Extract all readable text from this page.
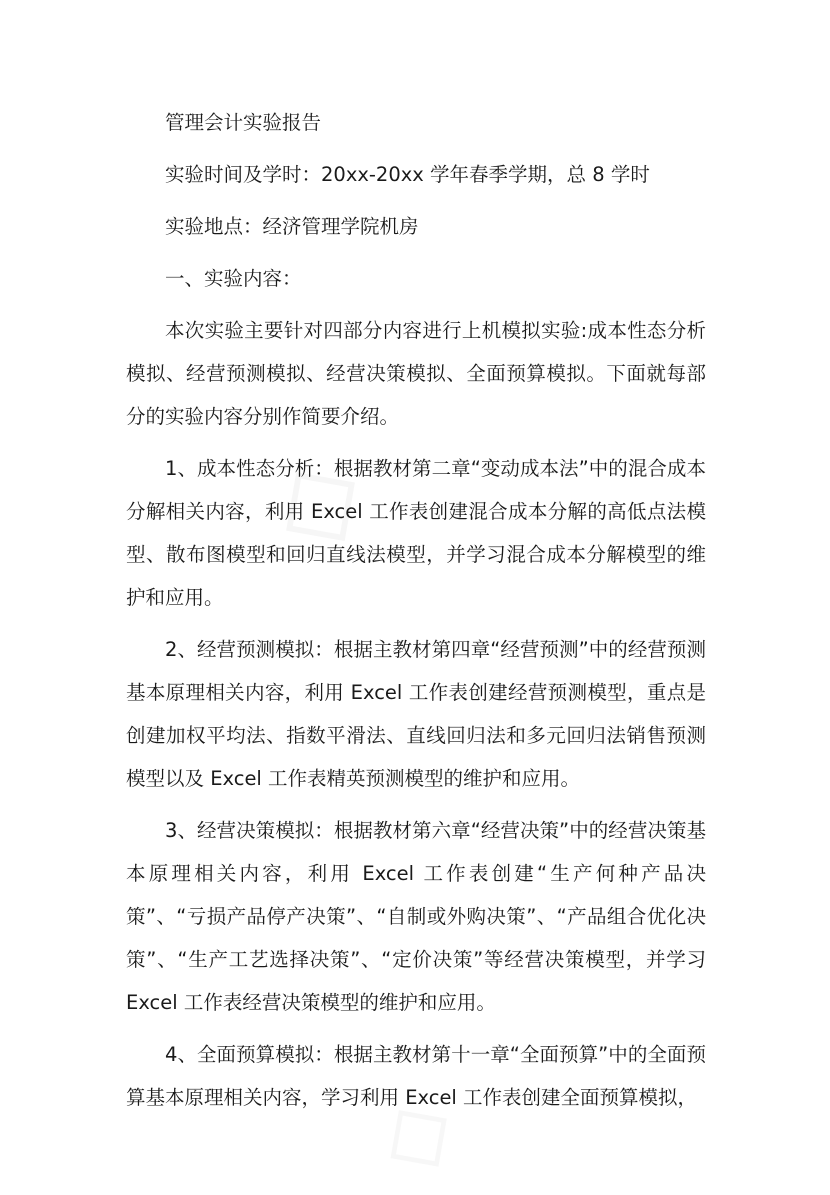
◇
◇

管理会计实验报告

实验时间及学时：20xx-20xx 学年春季学期，总 8 学时

实验地点：经济管理学院机房

一、实验内容：

本次实验主要针对四部分内容进行上机模拟实验:成本性态分析模拟、经营预测模拟、经营决策模拟、全面预算模拟。下面就每部分的实验内容分别作简要介绍。

1、成本性态分析：根据教材第二章“变动成本法”中的混合成本分解相关内容，利用 Excel 工作表创建混合成本分解的高低点法模型、散布图模型和回归直线法模型，并学习混合成本分解模型的维护和应用。

2、经营预测模拟：根据主教材第四章“经营预测”中的经营预测基本原理相关内容，利用 Excel 工作表创建经营预测模型，重点是创建加权平均法、指数平滑法、直线回归法和多元回归法销售预测模型以及 Excel 工作表精英预测模型的维护和应用。

3、经营决策模拟：根据教材第六章“经营决策”中的经营决策基本原理相关内容，利用 Excel 工作表创建“生产何种产品决策”、“亏损产品停产决策”、“自制或外购决策”、“产品组合优化决策”、“生产工艺选择决策”、“定价决策”等经营决策模型，并学习 Excel 工作表经营决策模型的维护和应用。

4、全面预算模拟：根据主教材第十一章“全面预算”中的全面预算基本原理相关内容，学习利用 Excel 工作表创建全面预算模拟，
